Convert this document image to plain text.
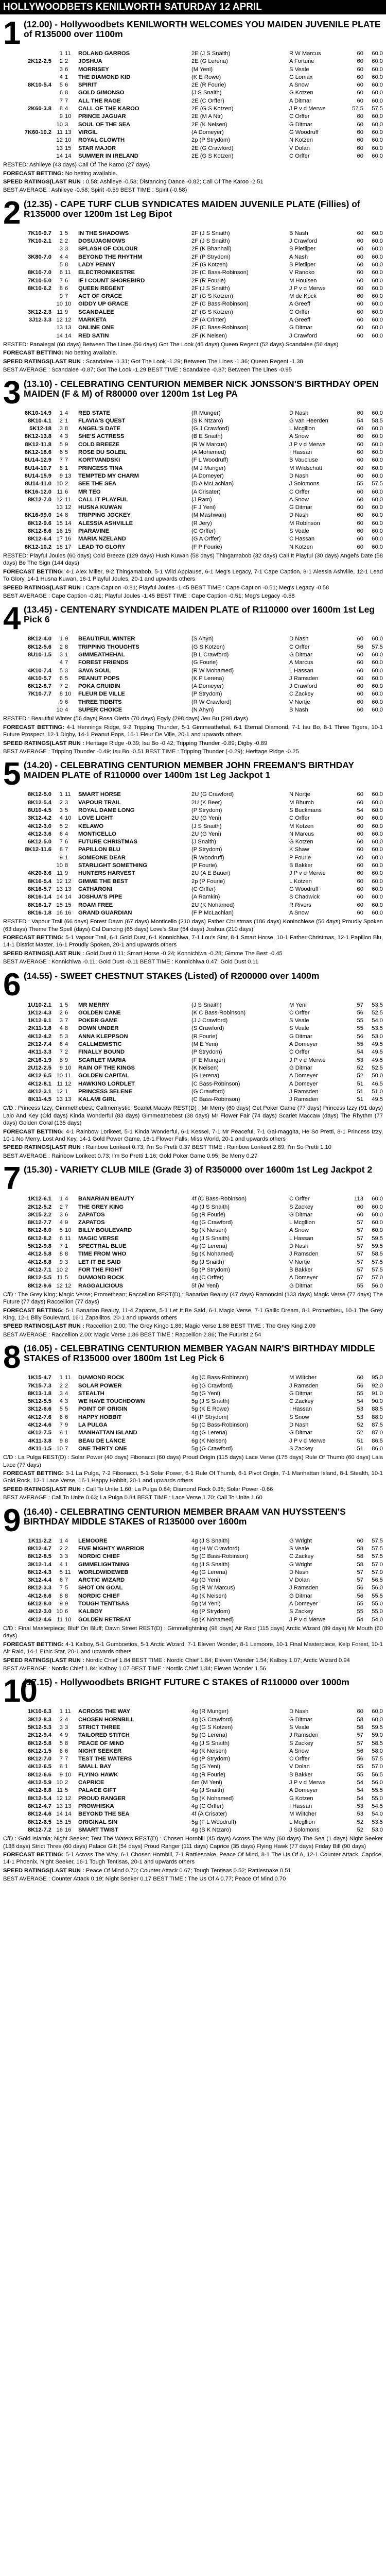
HOLLYWOODBETS KENILWORTH SATURDAY 12 APRIL
1 (12.00) - Hollywoodbets KENILWORTH WELCOMES YOU MAIDEN JUVENILE PLATE of R135000 over 1100m
1 11	ROLAND GARROS	2E (J S Snaith)	R W Marcus	60	60.0
2K12-2.5	2 2	JOSHUA	2E (G Lerena)	A Fortune	60	60.0
3 6	MORRISEY	(M Yeni)	S Veale	60	60.0
4 1	THE DIAMOND KID	(K E Rowe)	G Lomax	60	60.0
8K10-5.4	5 6	SPIRIT	2E (R Fourie)	A Snow	60	60.0
6 8	GOLD GIMONSO	(J S Snaith)	G Kotzen	60	60.0
7 7	ALL THE RAGE	2E (C Orffer)	A Ditmar	60	60.0
2K60-3.8	8 4	CALL OF THE KAROO	2E (G S Kotzen)	J P v d Merwe	57.5	57.5
9 10	PRINCE JAGUAR	2E (M A Ntr)	C Orffer	60	60.0
10 3	SOUL OF THE SEA	2E (K Neisen)	G Ditmar	60	60.0
7K60-10.2 11 13	VIRGIL	(A Domeyer)	G Woodruff	60	60.0
12 10	ROYAL CLOWTH	2p (P Strydom)	N Kotzen	60	60.0
13 15	STAR MAJOR	2E (G Crawford)	V Dolan	60	60.0
14 14	SUMMER IN IRELAND	2E (G S Kotzen)	C Orffer	60	60.0
RESTED: Ashileye (43 days) Call Of The Karoo (27 days)
FORECAST BETTING: No betting available.
SPEED RATINGS(LAST RUN : 0.58; Ashileye -0.58; Distancing Dance -0.82; Call Of The Karoo -2.51
BEST AVERAGE : Ashileye -0.58; Spirit -0.59 BEST TIME : Spirit (-0.58)
2 (12.35) - CAPE TURF CLUB SYNDICATES MAIDEN JUVENILE PLATE (Fillies) of R135000 over 1200m 1st Leg Bipot
7K10-9.7	1 5	IN THE SHADOWS	2F (J S Snaith)	B Nash	60	60.0
7K10-2.1	2 2	DOSUJAGMOWS	2F (J S Snaith)	J Crawford	60	60.0
3 3	SPLASH OF COLOUR	2F (K Bhanhall)	B Pietilper	60	60.0
3K80-7.0	4 4	BEYOND THE RHYTHM	2F (P Strydom)	A Nash	60	60.0
5 8	LADY PENNY	2F (G Kotzen)	B Pietilper	60	60.0
8K10-7.0	6 11	ELECTRONIKESTRE	2F (C Bass-Robinson)	V Ranoko	60	60.0
7K10-5.0	7 6	IF I COUNT SHOREBIRD	2F (R Fourie)	M Houlsen	60	60.0
8K10-6.2	8 6	QUEEN REGENT	2F (J S Snaith)	J P v d Merwe	60	60.0
9 7	ACT OF GRACE	2F (G S Kotzen)	M de Kock	60	60.0
10 10	GIDDY UP GRACE	2F (C Bass-Robinson)	A Greeff	60	60.0
3K12-2.3 11 9	SCANDALEE	2F (G S Kotzen)	C Orffer	60	60.0
3J12-3.3 12 12	MARKETA	2F (A Crinter)	A Greeff	60	60.0
13 13	ONLINE ONE	2F (C Bass-Robinson)	G Ditmar	60	60.0
14 14	RED SATIN	2F (K Neisen)	J Crawford	60	60.0
RESTED: Panalegal (60 days) Between The Lines (56 days) Got The Look (45 days) Queen Regent (52 days) Scandalee (56 days)
FORECAST BETTING: No betting available.
SPEED RATINGS(LAST RUN : Scandalee -1.31; Got The Look -1.29; Between The Lines -1.36; Queen Regent -1.38
BEST AVERAGE : Scandalee -0.87; Got The Look -1.29 BEST TIME : Scandalee -0.87; Between The Lines -0.95
3 (13.10) - CELEBRATING CENTURION MEMBER NICK JONSSON'S BIRTHDAY OPEN MAIDEN (F & M) of R80000 over 1200m 1st Leg PA
6K10-14.9	1 4	RED STATE	(R Munger)	D Nash	60	60.0
8K10-4.1	2 1	FLAVIA'S QUEST	(S K Ntzaro)	G van Heerden	54	58.5
5K12-18	3 8	ANGEL'S DATE	(G J Crawford)	L Mcgllion	60	60.0
8K12-13.8	4 3	SHE'S ACTRESS	(B E Snaith)	A Snow	60	60.0
8K12-11.8	5 9	COLD BREEZE	(R W Marcus)	J P v d Merwe	60	60.0
8K12-18.6	6 5	ROSE DU SOLEIL	(A Mohemed)	I Hassan	60	60.0
8U14-12.9	7 7	KORTVANDSKI	(F L Woodruff)	B Vaucluse	60	60.0
8U14-10.7	8 1	PRINCESS TINA	(M J Munger)	M Wildschutt	60	60.0
8U14-15.9	9 13	TEMPTED MY CHARM	(A Domeyer)	D Nash	60	60.0
8U14-11.0 10 2	SEE THE SEA	(D A McLachlan)	J Solomons	55	57.5
8K16-12.0 11 6	MR TEO	(A Crisater)	C Orffer	60	60.0
8K12-7.0 12 11	CALL IT PLAYFUL	(J Ram)	A Snow	60	60.0
13 12	HUSNA KUWAN	(F J Yeni)	G Ditmar	60	60.0
8K16-99.0 14 8	TRIPPING JOCKEY	(M Mashwan)	D Nash	60	60.0
8K12-9.6 15 14	ALESSIA ASHVILLE	(R Jery)	M Robinson	60	60.0
8K12-8.6 16 15	PIARAVINE	(C Orffer)	S Veale	60	60.0
8K12-6.4 17 16	MARIA NZELAND	(G A Orffer)	C Hassan	60	60.0
8K12-10.2 18 17	LEAD TO GLORY	(F P Fourie)	N Kotzen	60	60.0
RESTED: Playful Joules (60 days) Cold Breeze (129 days) Hush Kuwan (58 days) Thingamabob (32 days) Call It Playful (30 days) Angel's Date (58 days) Be The Sign (144 days)
FORECAST BETTING: 4-1 Alex Miller, 9-2 Thingamabob, 5-1 Wild Applause, 6-1 Meg's Legacy, 7-1 Cape Caption, 8-1 Alessia Ashville, 12-1 Lead To Glory, 14-1 Husna Kuwan, 16-1 Playful Joules, 20-1 and upwards others
SPEED RATINGS(LAST RUN : Cape Caption -0.81; Playful Joules -1.45 BEST TIME : Cape Caption -0.51; Meg's Legacy -0.58
BEST AVERAGE : Cape Caption -0.81; Playful Joules -1.45 BEST TIME : Cape Caption -0.51; Meg's Legacy -0.58
4 (13.45) - CENTENARY SYNDICATE MAIDEN PLATE of R110000 over 1600m 1st Leg Pick 6
8K12-4.0	1 9	BEAUTIFUL WINTER	(S Ahyn)	D Nash	60	60.0
8K12-5.6	2 8	TRIPPING THOUGHTS	(G S Kotzen)	C Orffer	56	57.5
8U10-1.5	3 1	GIMMEATHEHAL	(B L Crawford)	G Ditmar	60	60.0
4 7	FOREST FRIENDS	(G Fourie)	A Marcus	60	60.0
4K10-7.4	5 3	SAVA SOUL	(R W Mohamed)	L Hassan	60	60.0
4K10-5.7	6 5	PEANUT POPS	(K P Lerena)	J Ramsden	60	60.0
6K12-8.7	7 2	POKA CRUIDIN	(A Domeyer)	J Crawford	60	60.0
7K10-7.7	8 10	FLEUR DE VILLE	(P Strydom)	C Zackey	60	60.0
9 6	THREE TIDBITS	(R W Crawford)	V Nortje	60	60.0
10 4	SUPER CHOICE	(N Ahyn)	B Nash	60	60.0
RESTED : Beautiful Winter (56 days) Rosa Oletta (70 days) Egyly (298 days) Jeu Bu (298 days)
FORECAST BETTING: 4-1 Hennings Ridge, 9-2 Tripping Thunder, 5-1 Gimmeathehal, 6-1 Eternal Diamond, 7-1 Isu Bo, 8-1 Three Tigers, 10-1 Future Prospect, 12-1 Digby, 14-1 Peanut Pops, 16-1 Fleur De Ville, 20-1 and upwards others
SPEED RATINGS(LAST RUN : Heritage Ridge -0.39; Isu Bo -0.42; Tripping Thunder -0.89; Digby -0.89
BEST AVERAGE : Tripping Thunder -0.49; Isu Bo -0.51 BEST TIME : Tripping Thunder (-0.29); Heritage Ridge -0.25
5 (14.20) - CELEBRATING CENTURION MEMBER JOHN FREEMAN'S BIRTHDAY MAIDEN PLATE of R110000 over 1400m 1st Leg Jackpot 1
8K12-5.0	1 11	SMART HORSE	2U (G Crawford)	N Nortje	60	60.0
8K12-5.4	2 3	VAPOUR TRAIL	2U (K Beer)	M Bhumb	60	60.0
8U10-4.5	3 5	ROYAL DAME LONG	(P Strydom)	S Buckmans	54	60.0
3K12-4.2	4 10	LOVE LIGHT	2U (G Yeni)	C Orffer	60	60.0
4K12-3.0	5 2	KELAWO	(J S Snaith)	M Kotzen	60	60.0
4K12-3.6	6 4	MONTICELLO	2U (G Yeni)	N Marcus	60	60.0
6K12-5.0	7 6	FUTURE CHRISTMAS	(J Snaith)	G Kotzen	60	60.0
8K12-11.6	8 7	PAPILLON BLU	(P Strydom)	K Shaw	60	60.0
9 1	SOMEONE DEAR	(R Woodruff)	P Fourie	60	60.0
10 8	STARLIGHT SOMETHING	(P Fourie)	B Bakker	60	60.0
4K20-6.6 11 9	HUNTERS HARVEST	2U (A E Bauer)	J P v d Merwe	60	60.0
8K16-5.4 12 12	GIMME THE BEST	2p (P Fourie)	L Kotzen	60	60.0
8K16-5.7 13 13	CATHARONI	(C Orffer)	G Woodruff	60	60.0
8K16-1.4 14 14	JOSHUA'S PIPE	(A Ramkin)	S Chadwick	60	60.0
8K16-1.7 15 15	ROAM FREE	2U (K Nohamed)	R Rivers	60	60.0
8K16-1.8 16 16	GRAND GUARDIAN	(F P McLachlan)	A Snow	60	60.0
RESTED : Vapour Trail (66 days) Forest Dawn (67 days) Monticello (210 days) Father Christmas (186 days) Koninchlese (56 days) Proudly Spoken (63 days) Theme The Spell (days) Cal Dancing (65 days) Love's Star (54 days) Joshua (210 days)
FORECAST BETTING: 5-1 Vapour Trail, 6-1 Gold Dust, 6-1 Konnichiwa, 7-1 Lou's Star, 8-1 Smart Horse, 10-1 Father Christmas, 12-1 Papillon Blu, 14-1 District Master, 16-1 Proudly Spoken, 20-1 and upwards others
SPEED RATINGS(LAST RUN : Gold Dust 0.11; Smart Horse -0.24; Konnichiwa -0.28; Gimme The Best -0.45
BEST AVERAGE : Konnichiwa -0.11; Gold Dust -0.11 BEST TIME : Konnichiwa 0.47; Gold Dust 0.11
6 (14.55) - SWEET CHESTNUT STAKES (Listed) of R200000 over 1400m
1U10-2.1	1 5	MR MERRY	(J S Snaith)	M Yeni	57	53.5
1K12-4.3	2 6	GOLDEN CANE	(K C Bass-Robinson)	C Orffer	56	52.5
1K12-9.1	3 7	POKER GAME	(J J Crawford)	S Veale	55	54.0
2K11-1.8	4 8	DOWN UNDER	(S Crawford)	S Veale	55	53.5
4K12-4.2	5 3	ANNA KLEPPSON	(R Fourie)	G Ditmar	56	53.0
2K12-7.4	6 4	CALLMEMISTIC	(M E Yeni)	A Domeyer	55	49.5
4K11-3.3	7 2	FINALLY BOUND	(P Strydom)	C Orffer	54	49.5
2K16-1.9	8 9	SCARLET MARIA	(F E Munger)	J P v d Merwe	53	49.5
2U12-2.5	9 10	RAIN OF THE KINGS	(K Neisen)	G Ditmar	52	52.5
4K12-6.5 10 11	GOLDEN CAPITAL	(G Lerena)	A Domeyer	52	50.0
4K12-8.1 11 12	HAWKING LORDLET	(C Bass-Robinson)	A Domeyer	51	46.5
4K12-3.1 12 1	PRINCESS SELENE	(G Crawford)	J Ramsden	51	51.0
8K11-4.5 13 13	KALAMI GIRL	(C Bass-Robinson)	J Ramsden	51	49.5
C/D : Princess Izzy; Gimmethebest; Callmemystic; Scarlet Macaw REST(D) : Mr Merry (60 days) Get Poker Game (77 days) Princess Izzy (91 days) Lalo And Key (Old days) Kinda Wonderful (83 days) Gimmeathebest (38 days) Mr Flower Fair (74 days) Scarlet Maccaw (days) The Rhythm (77 days) Golden Coral (135 days)
FORECAST BETTING: 4-1 Rainbow Lorikeet, 5-1 Kinda Wonderful, 6-1 Kessel, 7-1 Mr Peaceful, 7-1 Gal-maggita, He So Pretti, 8-1 Princess Izzy, 10-1 No Merry, Lost And Key, 14-1 Gold Power Game, 16-1 Flower Falls, Miss World, 20-1 and upwards others
SPEED RATINGS(LAST RUN : Rainbow Lorikeet 0.73; I'm So Pretti 0.37 BEST TIME : Rainbow Lorikeet 2.69; I'm So Pretti 1.10
BEST AVERAGE : Rainbow Lorikeet 0.73; I'm So Pretti 1.16; Gold Poker Game 0.95; Be Merry 0.27
7 (15.30) - VARIETY CLUB MILE (Grade 3) of R350000 over 1600m 1st Leg Jackpot 2
1K12-6.1	1 4	BANARIAN BEAUTY	4f (C Bass-Robinson)	C Orffer	113	60.0
2K12-5.2	2 7	THE GREY KING	4g (J S Snaith)	S Zackey	60	60.0
3K15-2.2	3 6	ZAPATOS	5g (R Fourie)	G Ditmar	60	60.0
8K12-7.7	4 9	ZAPATOS	4g (G Crawford)	L Mcgllion	57	60.0
8K12-6.0	5 10	BILLY BOULEVARD	5g (K Neisen)	A Snow	57	60.0
6K12-8.2	6 11	MAGIC VERSE	4g (J S Snaith)	L Hassan	57	59.5
5K12-9.8	7 1	SPECTRAL BLUE	4g (G Lerena)	D Nash	57	59.5
4K12-5.8	8 8	TIME FROM WHO	5g (K Nohamed)	J Ramsden	57	58.5
4K12-8.8	9 3	LET IT BE SAID	6g (J Snaith)	V Nortje	57	57.5
4K12-7.1 10 2	FOR THE FIGHT	5g (P Strydom)	B Bakker	57	57.5
8K12-5.5 11 5	DIAMOND ROCK	4g (C Orffer)	A Domeyer	57	57.0
8K12-9.6 12 12	RAGGALICIOUS	5f (M Yeni)	G Ditmar	55	56.0
C/D : The Grey King; Magic Verse; Promethean; Raccellion REST(D) : Banarian Beauty (47 days) Ramoncini (133 days) Magic Verse (77 days) The Future (77 days) Raccellion (77 days)
FORECAST BETTING: 5-1 Banarian Beauty, 11-4 Zapatos, 5-1 Let It Be Said, 6-1 Magic Verse, 7-1 Gallic Dream, 8-1 Promethieu, 10-1 The Grey King, 12-1 Billy Boulevard, 16-1 Zapallitos, 20-1 and upwards others
SPEED RATINGS(LAST RUN : Raccellion 2.00; The Grey Kingo 1.86; Magic Verse 1.86 BEST TIME : The Grey King 2.09
BEST AVERAGE : Raccellion 2.00; Magic Verse 1.86 BEST TIME : Raccellion 2.86; The Futurist 2.54
8 (16.05) - CELEBRATING CENTURION MEMBER YAGAN NAIR'S BIRTHDAY MIDDLE STAKES of R135000 over 1800m 1st Leg Pick 6
1K15-4.7	1 11	DIAMOND ROCK	4g (C Bass-Robinson)	M Wiltcher	60	95.0
7K15-7.3	2 2	SOLAR POWER	6g (G Crawford)	J Ramsden	56	92.0
8K13-1.8	3 4	STEALTH	5g (G Yeni)	G Ditmar	55	91.0
5K12-5.5	4 3	WE HAVE TOUCHDOWN	5g (J S Snaith)	C Zackey	54	90.0
3K12-6.6	5 5	POINT OF ORIGIN	5g (K E Rowe)	I Hassan	53	88.5
4K12-7.6	6 6	HAPPY HOBBIT	4f (P Strydom)	S Snow	53	88.0
4K12-4.6	7 9	LA PULGA	5g (C Bass-Robinson)	D Nash	52	87.5
4K12-7.5	8 1	MANHATTAN ISLAND	4g (G Lerena)	G Ditmar	52	87.0
4K11-3.8	9 8	BEAU DE LANCE	6g (K Neisen)	J P v d Merwe	51	86.5
4K11-1.5 10 7	ONE THIRTY ONE	5g (G Crawford)	S Zackey	51	86.0
C/D : La Pulga REST(D) : Solar Power (40 days) Fibonacci (60 days) Proud Origin (115 days) Lace Verse (175 days) Rule Of Thumb (60 days) Lala Lace (77 days)
FORECAST BETTING: 3-1 La Pulga, 7-2 Fibonacci, 5-1 Solar Power, 6-1 Rule Of Thumb, 6-1 Pivot Origin, 7-1 Manhattan Island, 8-1 Stealth, 10-1 Gold Rock, 12-1 Lace Verse, 16-1 Happy Hobbit, 20-1 and upwards others
SPEED RATINGS(LAST RUN : Call To Unite 1.60; La Pulga 0.84; Diamond Rock 0.35; Solar Power -0.66
BEST AVERAGE : Call To Unite 0.63; La Pulga 0.84 BEST TIME : Lace Verse 1.70; Call To Unite 1.60
9 (16.40) - CELEBRATING CENTURION MEMBER BRAAM VAN HUYSSTEEN'S BIRTHDAY MIDDLE STAKES of R135000 over 1600m
1K11-2.2	1 4	LEMOORE	4g (J S Snaith)	G Wright	60	57.5
8K12-4.7	2 2	FIVE MIGHTY WARRIOR	4g (H W Crawford)	S Veale	58	57.5
8K12-8.5	3 3	NORDIC CHIEF	5g (C Bass-Robinson)	C Zackey	58	57.5
3K12-1.4	4 1	GIMMELIGHTNING	4g (J S Snaith)	G Wright	58	57.0
8K12-4.3	5 11	WORLDWIDEWEB	4g (G Lerena)	D Nash	57	57.0
3K12-4.4	6 7	ARCTIC WIZARD	4g (G Yeni)	V Dolan	57	56.5
8K12-3.3	7 5	SHOT ON GOAL	5g (R W Marcus)	J Ramsden	56	56.0
4K12-6.6	8 8	NORDIC CHIEF	4g (K Neisen)	G Ditmar	56	55.5
6K12-8.0	9 9	TOUGH TENTISAS	5g (M Yeni)	A Domeyer	55	55.0
4K12-3.0 10 6	KALBOY	4g (P Strydom)	S Zackey	55	55.0
4K12-4.6 11 10	GOLDEN RETREAT	6g (K Nohamed)	J P v d Merwe	54	54.0
C/D : Final Masterpiece; Bluff On Bluff; Dawn Street REST(D) : Gimmelightning (98 days) Air Raid (115 days) Arctic Wizard (89 days) Mr Mouth (60 days)
FORECAST BETTING: 4-1 Kalboy, 5-1 Gumboetios, 5-1 Arctic Wizard, 7-1 Eleven Wonder, 8-1 Lemoore, 10-1 Final Masterpiece, Kelp Forest, 10-1 Air Raid, 14-1 Ethic Star, 20-1 and upwards others
SPEED RATINGS(LAST RUN : Nordic Chief 1.84 BEST TIME : Nordic Chief 1.84; Eleven Wonder 1.54; Kalboy 1.07; Arctic Wizard 0.94
BEST AVERAGE : Nordic Chief 1.84; Kalboy 1.07 BEST TIME : Nordic Chief 1.84; Eleven Wonder 1.56
10
(17.15) - Hollywoodbets BRIGHT FUTURE C STAKES of R110000 over 1000m
1K10-6.3	1 11	ACROSS THE WAY	4g (R Munger)	D Nash	60	60.0
3K12-8.3	2 4	CHOSEN HORNBILL	4g (G Crawford)	G Ditmar	58	60.0
5K12-5.3	3 3	STRICT THREE	4g (G S Kotzen)	S Veale	58	59.5
2K12-9.4	4 9	TAILORED STITCH	5g (G Lerena)	J Ramsden	57	59.0
8K12-5.8	5 8	PEACE OF MIND	4g (J S Snaith)	S Zackey	57	58.5
6K12-1.5	6 6	NIGHT SEEKER	4g (K Neisen)	A Snow	56	58.0
8K12-7.0	7 7	TEST THE WATERS	6g (P Strydom)	C Orffer	56	57.5
4K12-6.5	8 1	SMALL BAY	5g (G Yeni)	V Dolan	55	57.0
8K12-6.6	9 10	FLYING HAWK	4g (R Fourie)	B Bakker	55	56.5
4K12-5.9 10 2	CAPRICE	6m (M Yeni)	J P v d Merwe	54	56.0
4K12-6.8 11 5	PALACE GIFT	4g (J Snaith)	A Domeyer	54	55.5
8K12-5.4 12 12	PROUD RANGER	5g (K Nohamed)	G Kotzen	54	55.0
8K12-4.7 13 13	PROWHISKA	4g (C Orffer)	I Hassan	53	54.5
8K12-4.6 14 14	BEYOND THE SEA	4f (A Crisater)	M Wiltcher	53	54.0
8K12-6.5 15 15	ORIGINAL SIN	5g (F L Woodruff)	L Mcgllion	52	53.5
8K12-7.2 16 16	SMART TWIST	4g (S K Ntzaro)	J Solomons	52	53.0
C/D : Gold Islamia; Night Seeker; Test The Waters REST(D) : Chosen Hornbill (45 days) Across The Way (60 days) The Sea (1 days) Night Seeker (138 days) Strict Three (60 days) Palace Gift (54 days) Proud Ranger (111 days) Caprice (35 days) Flying Hawk (77 days) Friday Bill (90 days)
FORECAST BETTING: 5-1 Across The Way, 6-1 Chosen Hornbill, 7-1 Rattlesnake, Peace Of Mind, 8-1 The Us Of A, 12-1 Counter Attack, Caprice, 14-1 Phoenix, Night Seeker, 16-1 Tough Tentisas, 20-1 and upwards others
SPEED RATINGS(LAST RUN : Peace Of Mind 0.70; Counter Attack 0.67; Tough Tentisas 0.52; Rattlesnake 0.51
BEST AVERAGE : Counter Attack 0.19; Night Seeker 0.17 BEST TIME : The Us Of A 0.77; Peace Of Mind 0.70
